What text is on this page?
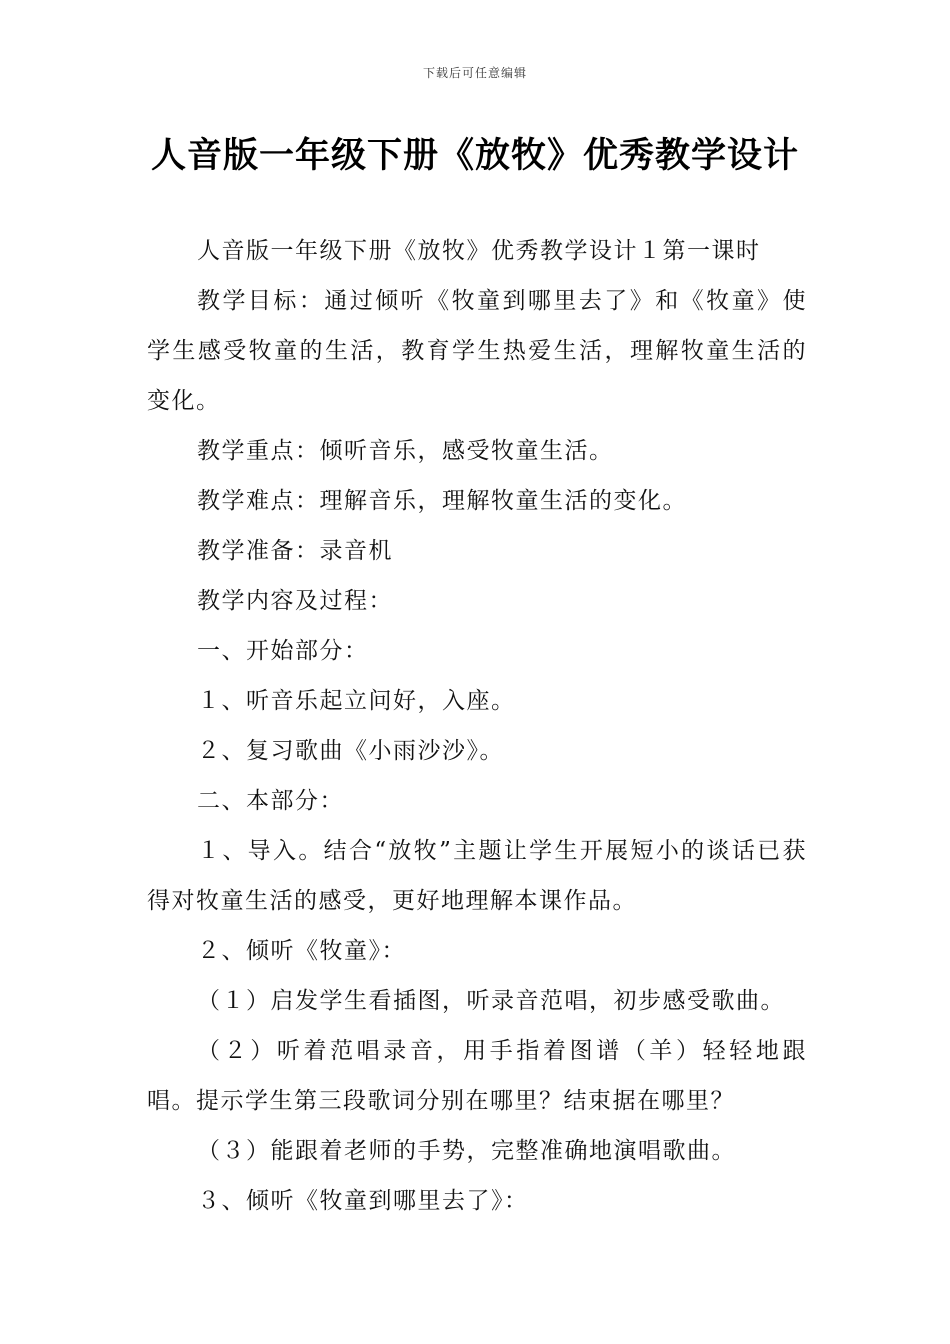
下载后可任意编辑
人音版一年级下册《放牧》优秀教学设计

人音版一年级下册《放牧》优秀教学设计１第一课时

教学目标：通过倾听《牧童到哪里去了》和《牧童》使学生感受牧童的生活，教育学生热爱生活，理解牧童生活的变化。

教学重点：倾听音乐，感受牧童生活。

教学难点：理解音乐，理解牧童生活的变化。

教学准备：录音机

教学内容及过程：

一、开始部分：

１、听音乐起立问好，入座。

２、复习歌曲《小雨沙沙》。

二、本部分：

１、导入。结合“放牧”主题让学生开展短小的谈话已获得对牧童生活的感受，更好地理解本课作品。

２、倾听《牧童》：

（１）启发学生看插图，听录音范唱，初步感受歌曲。

（２）听着范唱录音，用手指着图谱（羊）轻轻地跟唱。提示学生第三段歌词分别在哪里？结束据在哪里？

（３）能跟着老师的手势，完整准确地演唱歌曲。

３、倾听《牧童到哪里去了》：
